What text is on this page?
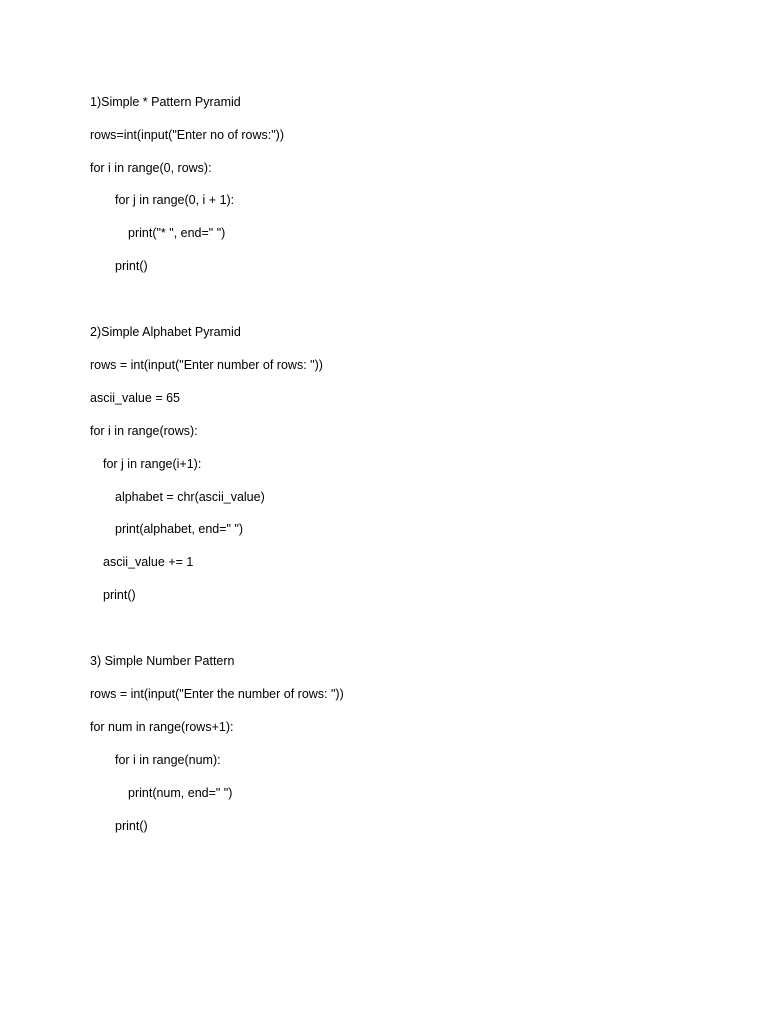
1)Simple * Pattern Pyramid

rows=int(input("Enter no of rows:"))

for i in range(0, rows):

for j in range(0, i + 1):

print("* ", end=" ")

print()

2)Simple Alphabet Pyramid

rows = int(input("Enter number of rows: "))

ascii_value = 65

for i in range(rows):

for j in range(i+1):

alphabet = chr(ascii_value)

print(alphabet, end=" ")

ascii_value += 1

print()

3) Simple Number Pattern

rows = int(input("Enter the number of rows: "))

for num in range(rows+1):

for i in range(num):

print(num, end=" ")

print()
